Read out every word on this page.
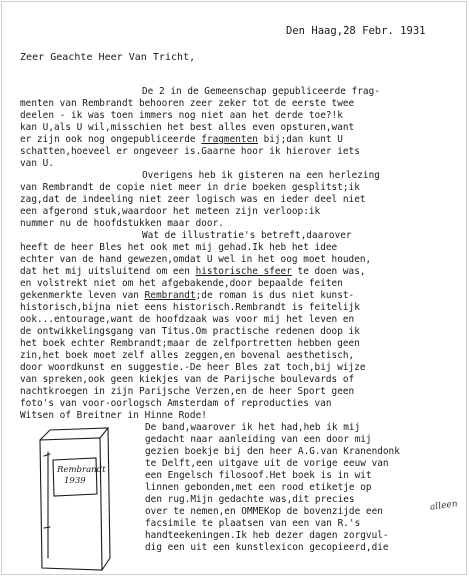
Den Haag,28 Febr. 1931
Zeer Geachte Heer Van Tricht,
De 2 in de Gemeenschap gepubliceerde frag-
menten van Rembrandt behooren zeer zeker tot de eerste twee
deelen - ik was toen immers nog niet aan het derde toe?!k
kan U,als U wil,misschien het best alles even opsturen,want
er zijn ook nog ongepubliceerde fragmenten bij;dan kunt U
schatten,hoeveel er ongeveer is.Gaarne hoor ik hierover iets
van U.
Overigens heb ik gisteren na een herlezing
van Rembrandt de copie niet meer in drie boeken gesplitst;ik
zag,dat de indeeling niet zeer logisch was en ieder deel niet
een afgerond stuk,waardoor het meteen zijn verloop:ik
nummer nu de hoofdstukken maar door.
Wat de illustratie's betreft,daarover
heeft de heer Bles het ook met mij gehad.Ik heb het idee
echter van de hand gewezen,omdat U wel in het oog moet houden,
dat het mij uitsluitend om een historische sfeer te doen was,
en volstrekt niet om het afgebakende,door bepaalde feiten
gekenmerkte leven van Rembrandt;de roman is dus niet kunst-
historisch,bijna niet eens historisch.Rembrandt is feitelijk
ook...entourage,want de hoofdzaak was voor mij het leven en
de ontwikkelingsgang van Titus.Om practische redenen doop ik
het boek echter Rembrandt;maar de zelfportretten hebben geen
zin,het boek moet zelf alles zeggen,en bovenal aesthetisch,
door woordkunst en suggestie.-De heer Bles zat toch,bij wijze
van spreken,ook geen kiekjes van de Parijsche boulevards of
nachtkroegen in zijn Parijsche Verzen,en de heer Sport geen
foto's van voor-oorlogsch Amsterdam of reproducties van
Witsen of Breitner in Hinne Rode!
De band,waarover ik het had,heb ik mij
gedacht naar aanleiding van een door mij
gezien boekje bij den heer A.G.van Kranendonk
te Delft,een uitgave uit de vorige eeuw van
een Engelsch filosoof.Het boek is in wit
linnen gebonden,met een rood etiketje op
den rug.Mijn gedachte was,dit precies
over te nemen,en OMMEKop de bovenzijde een
facsimile te plaatsen van een van R.'s
handteekeningen.Ik heb dezer dagen zorgvul-
dig een uit een kunstlexicon gecopieerd,die
alleen
Rembrandt 1939
